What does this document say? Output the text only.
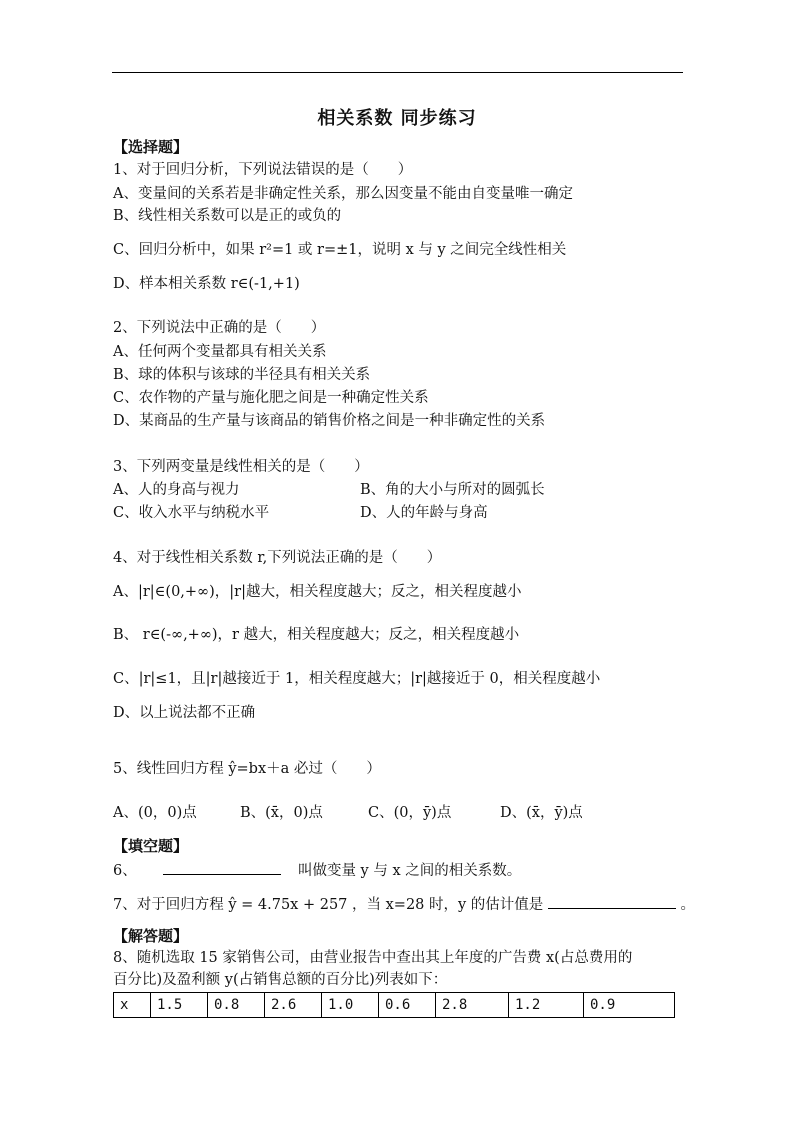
相关系数 同步练习
【选择题】
1、对于回归分析，下列说法错误的是（　　）
A、变量间的关系若是非确定性关系，那么因变量不能由自变量唯一确定
B、线性相关系数可以是正的或负的
C、回归分析中，如果 r²=1 或 r=±1，说明 x 与 y 之间完全线性相关
D、样本相关系数 r∈(-1,+1)
2、下列说法中正确的是（　　）
A、任何两个变量都具有相关关系
B、球的体积与该球的半径具有相关关系
C、农作物的产量与施化肥之间是一种确定性关系
D、某商品的生产量与该商品的销售价格之间是一种非确定性的关系
3、下列两变量是线性相关的是（　　）
A、人的身高与视力	B、角的大小与所对的圆弧长
C、收入水平与纳税水平	D、人的年龄与身高
4、对于线性相关系数 r,下列说法正确的是（　　）
A、|r|∈(0,+∞)，|r|越大，相关程度越大；反之，相关程度越小
B、 r∈(-∞,+∞)，r 越大，相关程度越大；反之，相关程度越小
C、|r|≤1，且|r|越接近于 1，相关程度越大；|r|越接近于 0，相关程度越小
D、以上说法都不正确
5、线性回归方程 ŷ=bx＋a 必过（　　）
A、(0，0)点	B、(x̄，0)点	C、(0，ȳ)点	D、(x̄，ȳ)点
【填空题】
6、	叫做变量 y 与 x 之间的相关系数。
7、对于回归方程 ŷ = 4.75x + 257 ，当 x=28 时，y 的估计值是	。
【解答题】
8、随机选取 15 家销售公司，由营业报告中查出其上年度的广告费 x(占总费用的
百分比)及盈利额 y(占销售总额的百分比)列表如下：
x	1.5	0.8	2.6	1.0	0.6	2.8	1.2	0.9
